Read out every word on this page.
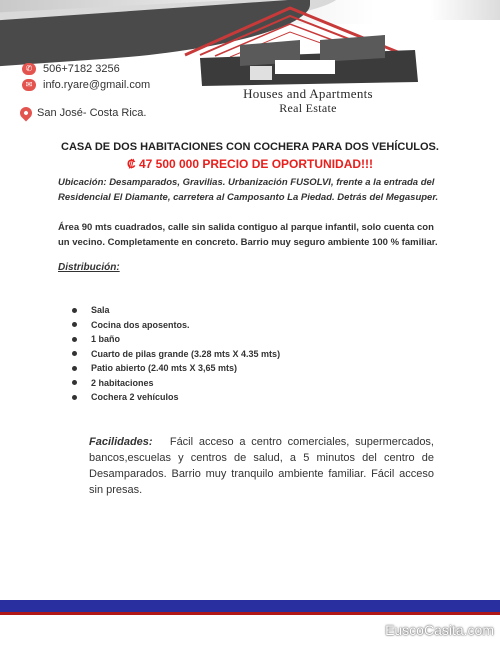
Houses and Apartments
Real Estate
✆ 506+7182 3256
✉ info.ryare@gmail.com
San José- Costa Rica.
CASA DE DOS HABITACIONES CON COCHERA PARA DOS VEHÍCULOS.
₡ 47 500 000 PRECIO DE OPORTUNIDAD!!!
Ubicación: Desamparados, Gravilias. Urbanización FUSOLVI, frente a la entrada del Residencial El Diamante, carretera al Camposanto La Piedad. Detrás del Megasuper.
Área 90 mts cuadrados, calle sin salida contiguo al parque infantil, solo cuenta con un vecino. Completamente en concreto. Barrio muy seguro ambiente 100 % familiar.
Distribución:
Sala
Cocina dos aposentos.
1 baño
Cuarto de pilas grande (3.28 mts X 4.35 mts)
Patio abierto (2.40 mts X 3,65 mts)
2 habitaciones
Cochera 2 vehículos
Facilidades: Fácil acceso a centro comerciales, supermercados, bancos,escuelas y centros de salud, a 5 minutos del centro de Desamparados. Barrio muy tranquilo ambiente familiar. Fácil acceso sin presas.
EuscoCasita.com
